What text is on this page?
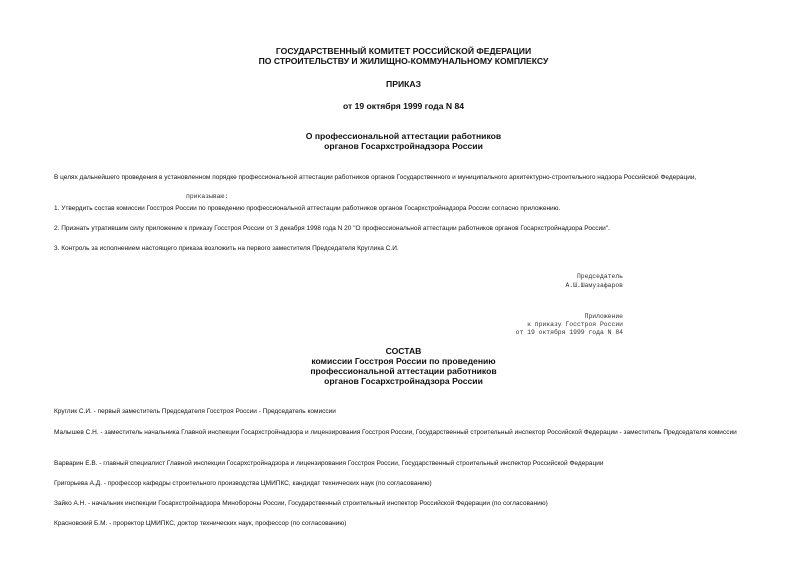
ГОСУДАРСТВЕННЫЙ КОМИТЕТ РОССИЙСКОЙ ФЕДЕРАЦИИ
ПО СТРОИТЕЛЬСТВУ И ЖИЛИЩНО-КОММУНАЛЬНОМУ КОМПЛЕКСУ
ПРИКАЗ
от 19 октября 1999 года N 84
О профессиональной аттестации работников
органов Госархстройнадзора России
В целях дальнейшего проведения в установленном порядке профессиональной аттестации работников органов Государственного и муниципального архитектурно-строительного надзора Российской Федерации,
приказываю:
1. Утвердить состав комиссии Госстроя России по проведению профессиональной аттестации работников органов Госархстройнадзора России согласно приложению.
2. Признать утратившим силу приложение к приказу Госстроя России от 3 декабря 1998 года N 20 "О профессиональной аттестации работников органов Госархстройнадзора России".
3. Контроль за исполнением настоящего приказа возложить на первого заместителя Председателя Круглика С.И.
Председатель
А.Ш.Шамузафаров
Приложение
к приказу Госстроя России
от 19 октября 1999 года N 84
СОСТАВ
комиссии Госстроя России по проведению
профессиональной аттестации работников
органов Госархстройнадзора России
Круглик С.И. - первый заместитель Председателя Госстроя России - Председатель комиссии
Малышев С.Н. - заместитель начальника Главной инспекции Госархстройнадзора и лицензирования Госстроя России, Государственный строительный инспектор Российской Федерации - заместитель Председателя комиссии
Варварин Е.В. - главный специалист Главной инспекции Госархстройнадзора и лицензирования Госстроя России, Государственный строительный инспектор Российской Федерации
Григорьева А.Д. - профессор кафедры строительного производства ЦМИПКС, кандидат технических наук (по согласованию)
Зайко А.Н. - начальник инспекции Госархстройнадзора Минобороны России, Государственный строительный инспектор Российской Федерации (по согласованию)
Красновский Б.М. - проректор ЦМИПКС, доктор технических наук, профессор (по согласованию)
